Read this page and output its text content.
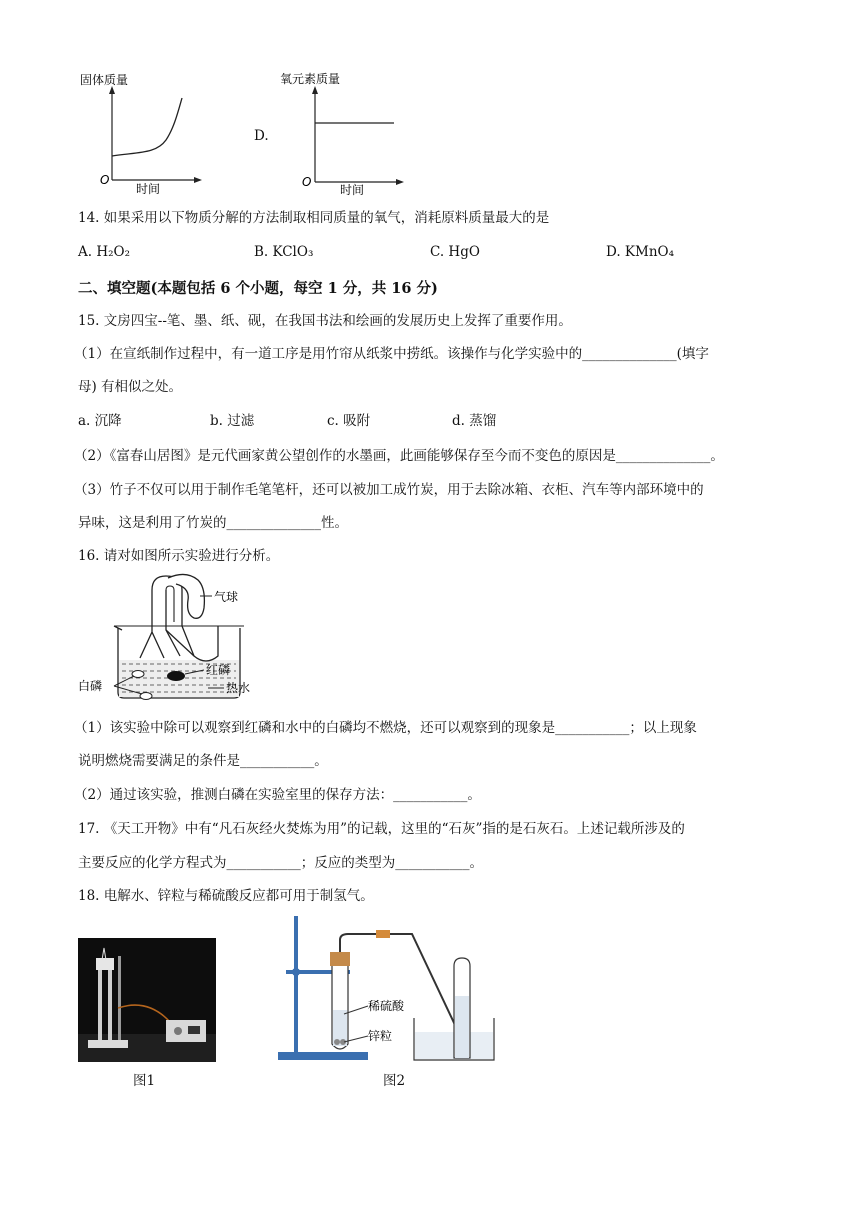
固体质量
O
时间
D.
氧元素质量
O
时间
14. 如果采用以下物质分解的方法制取相同质量的氧气，消耗原料质量最大的是
A. H₂O₂	B. KClO₃	C. HgO	D. KMnO₄
二、填空题(本题包括 6 个小题，每空 1 分，共 16 分)
15. 文房四宝--笔、墨、纸、砚，在我国书法和绘画的发展历史上发挥了重要作用。
（1）在宣纸制作过程中，有一道工序是用竹帘从纸浆中捞纸。该操作与化学实验中的______________(填字
母) 有相似之处。
a. 沉降	b. 过滤	c. 吸附	d. 蒸馏
（2）《富春山居图》是元代画家黄公望创作的水墨画，此画能够保存至今而不变色的原因是______________。
（3）竹子不仅可以用于制作毛笔笔杆，还可以被加工成竹炭，用于去除冰箱、衣柜、汽车等内部环境中的
异味，这是利用了竹炭的______________性。
16. 请对如图所示实验进行分析。
气球
红磷
白磷	热水
（1）该实验中除可以观察到红磷和水中的白磷均不燃烧，还可以观察到的现象是___________；以上现象
说明燃烧需要满足的条件是___________。
（2）通过该实验，推测白磷在实验室里的保存方法：___________。
17. 《天工开物》中有“凡石灰经火焚炼为用”的记载，这里的“石灰”指的是石灰石。上述记载所涉及的
主要反应的化学方程式为___________；反应的类型为___________。
18. 电解水、锌粒与稀硫酸反应都可用于制氢气。
图1
稀硫酸
锌粒
图2
